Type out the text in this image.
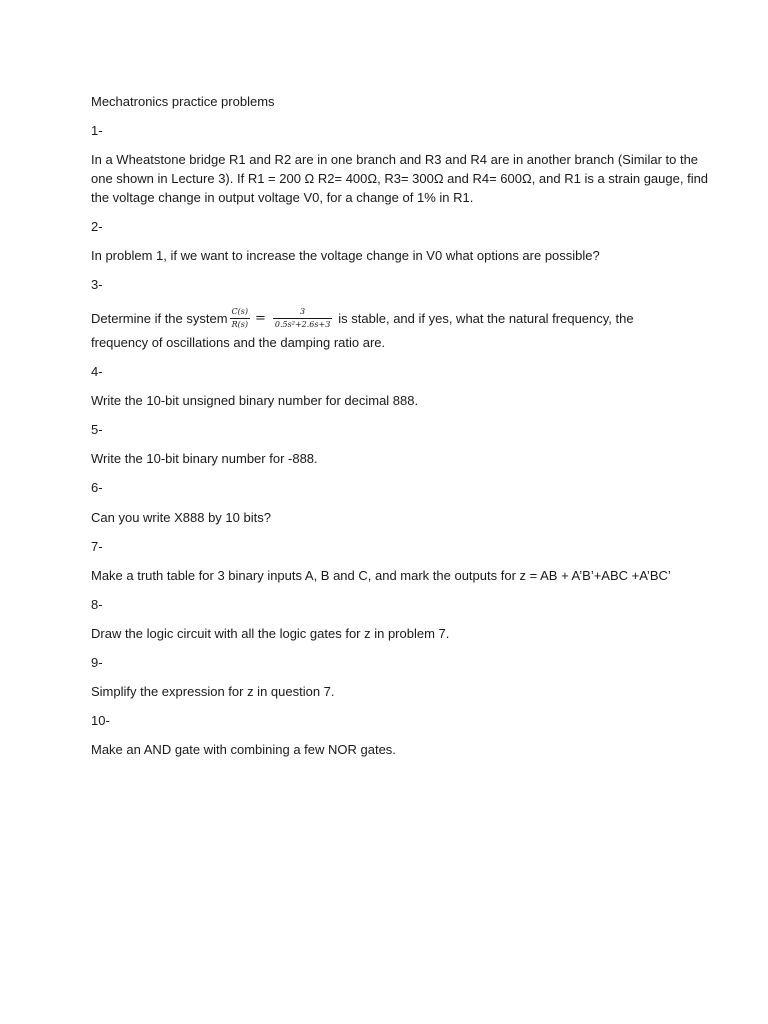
Mechatronics practice problems

1-

In a Wheatstone bridge R1 and R2 are in one branch and R3 and R4 are in another branch (Similar to the

one shown in Lecture 3). If R1 = 200 Ω R2= 400Ω, R3= 300Ω and R4= 600Ω, and R1 is a strain gauge, find

the voltage change in output voltage V0, for a change of 1% in R1.

2-

In problem 1, if we want to increase the voltage change in V0 what options are possible?

3-

Determine if the system $\frac{C(s)}{R(s)} = \frac{3}{\text{0.5s²+2.6s+3}}$ is stable, and if yes, what the natural frequency, the

frequency of oscillations and the damping ratio are.

4-

Write the 10-bit unsigned binary number for decimal 888.

5-

Write the 10-bit binary number for -888.

6-

Can you write X888 by 10 bits?

7-

Make a truth table for 3 binary inputs A, B and C, and mark the outputs for z = AB + A’B’+ABC +A’BC’

8-

Draw the logic circuit with all the logic gates for z in problem 7.

9-

Simplify the expression for z in question 7.

10-

Make an AND gate with combining a few NOR gates.
